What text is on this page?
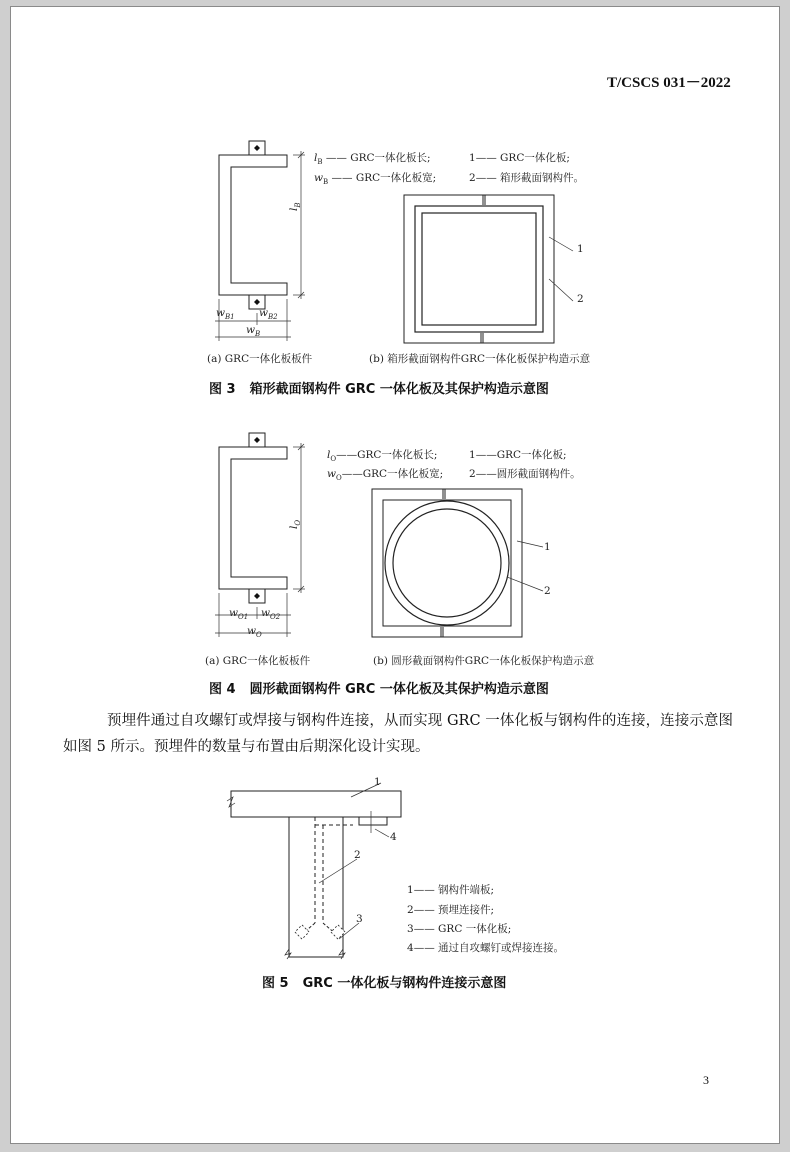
T/CSCS 031－2022
$l_B$
$w_{B1}$ $w_{B2}$
$w_B$
$l_B$ —— GRC一体化板长;
$w_B$ —— GRC一体化板宽;
1—— GRC一体化板;
2—— 箱形截面钢构件。
1
2
(a) GRC一体化板板件	(b) 箱形截面钢构件GRC一体化板保护构造示意
图 3 箱形截面钢构件 GRC 一体化板及其保护构造示意图
$l_O$
$w_{O1}$ $w_{O2}$
$w_O$
$l_O——GRC$一体化板长;
$w_O——GRC$一体化板宽;
1——GRC一体化板;
2——圆形截面钢构件。
1
2
(a) GRC一体化板板件	(b) 圆形截面钢构件GRC一体化板保护构造示意
图 4 圆形截面钢构件 GRC 一体化板及其保护构造示意图
预埋件通过自攻螺钉或焊接与钢构件连接，从而实现 GRC 一体化板与钢构件的连接，连接示意图如图 5 所示。预埋件的数量与布置由后期深化设计实现。
1
2
3
4
1—— 钢构件端板;
2—— 预埋连接件;
3—— GRC 一体化板;
4—— 通过自攻螺钉或焊接连接。
图 5 GRC 一体化板与钢构件连接示意图
3
